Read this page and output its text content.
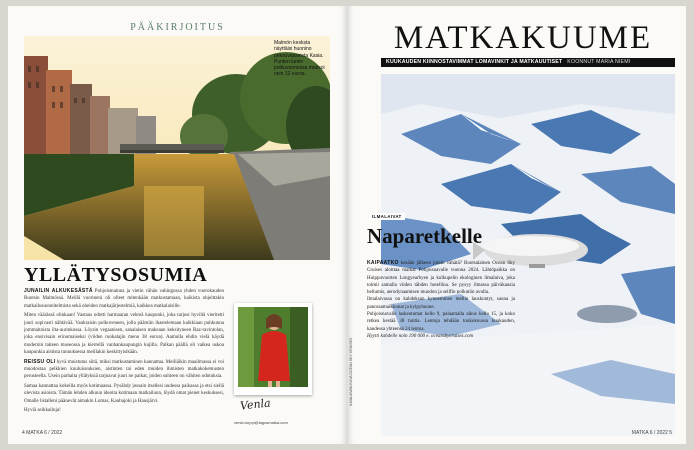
PÄÄKIRJOITUS
Malmön kesksta näyttäisi huonino peksuvasseista Kasia. Punten lumin polkuvuonossa maksoi noin 12 euroa.
YLLÄTYSOSUMIA

JUNAILIN ALKUKESÄSTÄ Pohjoismainna ja vietin vähän vahingossa yhden vuorokauden Ruotsin Malmössä. Meillä vuorineni oli olleet mitenkään matkustamaan, kaikista ohjeittakin matkailusuunnitelmista sekä oheiden matkajärjestelmiä, kaikkea matkalaisille.

Miten väärässä olinkaan! Vastaus odotti harmaaran vehreä kaupunki, joka tarjosi hyviltä vieritetti juuri sopivasti nähtävää. Vaukraisin polkuveneen, jolla päämiin ihastelemaan kaikkiaan puhkunna jommaitoista ilta-aurinkossa. Löysin vegaanisen, sanalaisen makeaan keksityneen Raz-ravintolan, joka ensivisain erinomaiseksi (viiden ruokalajin menu 38 euroa). Aamulla ehdin vielä käydä modernin taiteen museossa ja kierrellä vanhankaupungin kujilla. Palkan päällä oli vaikea uskoa kaupunkia aistista tunnuksessa meillakin keskittyisikään.

REISSU OLI hyvä muistutus siitä, miksi matkustaminen kannattaa. Meilläikin maailmassa ei voi muodostaa pelkkien kuuluisuuksien, aistinten tai eden muiden ihmisten matkakokemusten perusteella. Usein parhaita yllätyksiä tarjoavat juuri ne paikat, joiden suhteen on vähiten odotuksia.

Samaa kannattaa kokeilla myös kotimaassa. Pysähdy jossain itsellesi uudessa paikassa ja etsi siellä olevista asioista. Tämän lehden alkuun ideoita kotimaan matkailuun, löydä omat pienet keskuksesi, Omalle listalleni päänevät aimakin Lomas, Kaubajoki ja Hausjärvi.

Hyviä seikkailuja!	Venla
venla.turppi@lagusmatka.com
4 MATKA 6 / 2022
MATKAKUUME
KUUKAUDEN KIINNOSTAVIMMAT LOMAVINKIT JA MATKAUUTISET KOONNUT MARIA NIEMI
ILMALAIVAT
Naparetkelle

KAIPAATKO kesään jälkeen jotain vähätä? Ruotsalainen Ocean Sky Cruises aloittaa matkat Pohjoisnavalle vuonna 2024. Lähtöpaikka on Huippuvuorten Longyearbyen ja kulkupelin ekologinen ilmalaiva, joka toimii samalla viiden tähden hotellina. Se pysyy ilmassa päiväkausia heliumis, aerodynaamisen muodon ja sellfin polkutön avulla.

Ilmalaivassa on kahdeksan kynnemmen mellin lauskuntyt, sauna ja panoraamaikkunat ja kylpyhuone.

Pohjoisnavalle laskeutumat kello 9, palaamalla aikus kello 15, ja koko retkea kestää 38 tuntia. Lentoja tehdään toukokuussa kuukauden, kaudessa yhteensä 24 lentoa.

Hyytti kahdelle noin 190 000 e. oceanskycruises.com

ILMALAIVAN KUVA OCEAN SKY CRUISES
MATKA 6 / 2022 5
